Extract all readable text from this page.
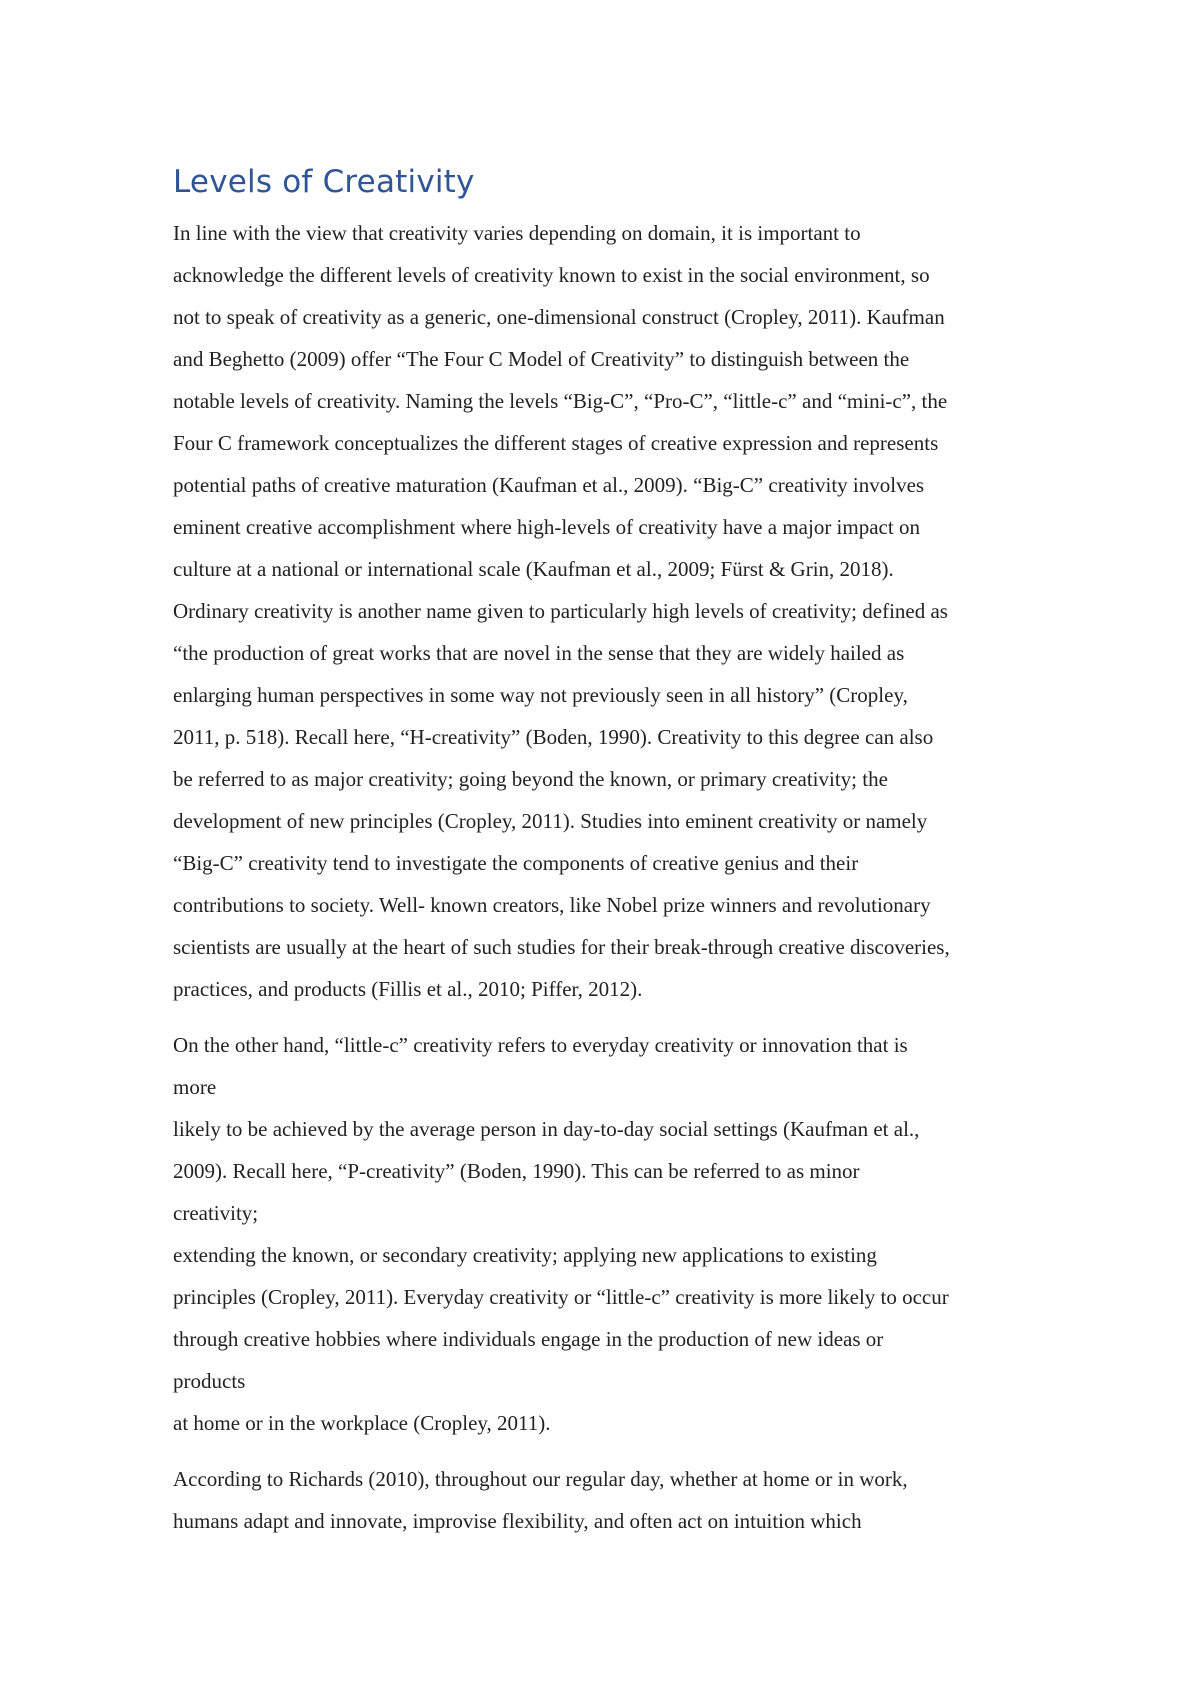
Levels of Creativity
In line with the view that creativity varies depending on domain, it is important to
acknowledge the different levels of creativity known to exist in the social environment, so
not to speak of creativity as a generic, one-dimensional construct (Cropley, 2011). Kaufman
and Beghetto (2009) offer “The Four C Model of Creativity” to distinguish between the
notable levels of creativity. Naming the levels “Big-C”, “Pro-C”, “little-c” and “mini-c”, the
Four C framework conceptualizes the different stages of creative expression and represents
potential paths of creative maturation (Kaufman et al., 2009). “Big-C” creativity involves
eminent creative accomplishment where high-levels of creativity have a major impact on
culture at a national or international scale (Kaufman et al., 2009; Fürst & Grin, 2018).
Ordinary creativity is another name given to particularly high levels of creativity; defined as
“the production of great works that are novel in the sense that they are widely hailed as
enlarging human perspectives in some way not previously seen in all history” (Cropley,
2011, p. 518). Recall here, “H-creativity” (Boden, 1990). Creativity to this degree can also
be referred to as major creativity; going beyond the known, or primary creativity; the
development of new principles (Cropley, 2011). Studies into eminent creativity or namely
“Big-C” creativity tend to investigate the components of creative genius and their
contributions to society. Well- known creators, like Nobel prize winners and revolutionary
scientists are usually at the heart of such studies for their break-through creative discoveries,
practices, and products (Fillis et al., 2010; Piffer, 2012).
On the other hand, “little-c” creativity refers to everyday creativity or innovation that is
more
likely to be achieved by the average person in day-to-day social settings (Kaufman et al.,
2009). Recall here, “P-creativity” (Boden, 1990). This can be referred to as minor
creativity;
extending the known, or secondary creativity; applying new applications to existing
principles (Cropley, 2011). Everyday creativity or “little-c” creativity is more likely to occur
through creative hobbies where individuals engage in the production of new ideas or
products
at home or in the workplace (Cropley, 2011).
According to Richards (2010), throughout our regular day, whether at home or in work,
humans adapt and innovate, improvise flexibility, and often act on intuition which
